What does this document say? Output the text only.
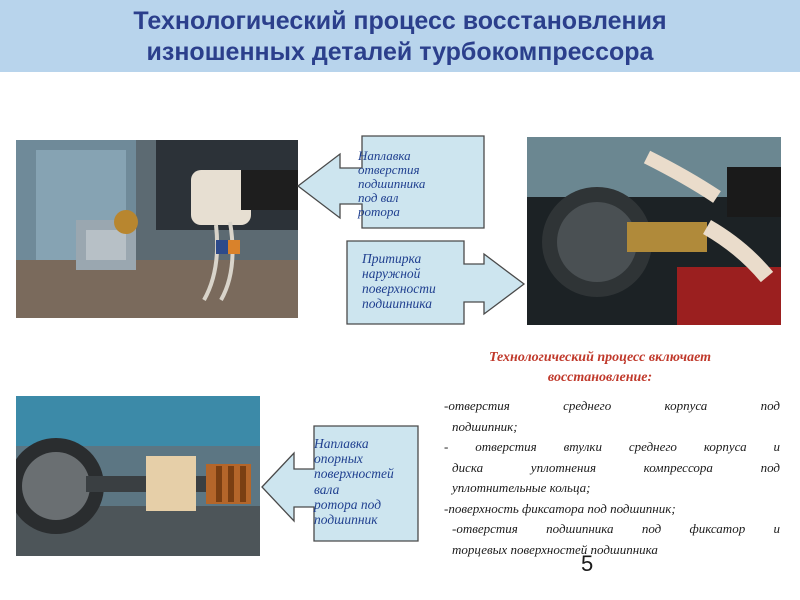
Технологический процесс восстановления
изношенных деталей турбокомпрессора
Наплавка
отверстия
подшипника
под вал
ротора
Притирка
наружной
поверхности
подшипника
Наплавка
опорных
поверхностей
вала
ротора под
подшипник
Технологический процесс включает
восстановление:
-отверстия среднего корпуса под
подшипник;
- отверстия втулки среднего корпуса и
диска уплотнения компрессора под
уплотнительные кольца;
-поверхность фиксатора под подшипник;
-отверстия подшипника под фиксатор и
торцевых поверхностей подшипника
5
